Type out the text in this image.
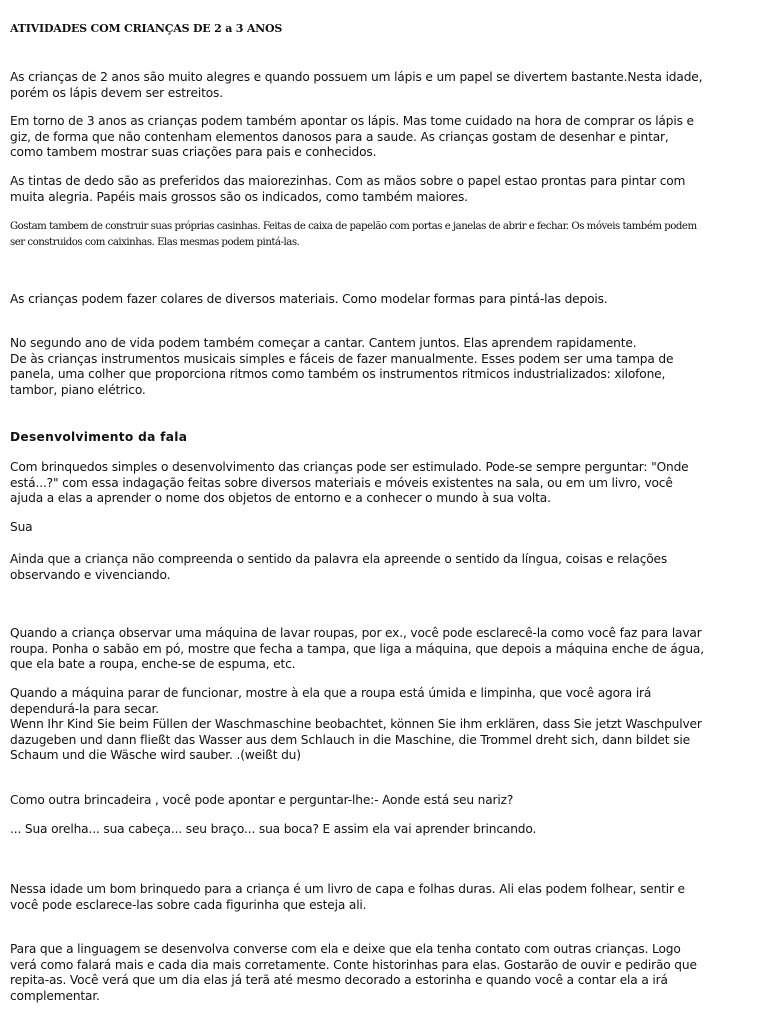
ATIVIDADES COM CRIANÇAS DE 2 a 3 ANOS

As crianças de 2 anos são muito alegres e quando possuem um lápis e um papel se divertem bastante.Nesta idade,
porém os lápis devem ser estreitos.

Em torno de 3 anos as crianças podem também apontar os lápis. Mas tome cuidado na hora de comprar os lápis e
giz, de forma que não contenham elementos danosos para a saude. As crianças gostam de desenhar e pintar,
como tambem mostrar suas criações para pais e conhecidos.

As tintas de dedo são as preferidos das maiorezinhas. Com as mãos sobre o papel estao prontas para pintar com
muita alegria. Papéis mais grossos são os indicados, como também maiores.

Gostam tambem de construir suas próprias casinhas. Feitas de caixa de papelão com portas e janelas de abrir e fechar. Os móveis também podem
ser construidos com caixinhas. Elas mesmas podem pintá-las.

As crianças podem fazer colares de diversos materiais. Como modelar formas para pintá-las depois.

No segundo ano de vida podem também começar a cantar. Cantem juntos. Elas aprendem rapidamente.
De às crianças instrumentos musicais simples e fáceis de fazer manualmente. Esses podem ser uma tampa de
panela, uma colher que proporciona ritmos como também os instrumentos ritmicos industrializados: xilofone,
tambor, piano elétrico.

Desenvolvimento da fala

Com brinquedos simples o desenvolvimento das crianças pode ser estimulado. Pode-se sempre perguntar: "Onde
está...?" com essa indagação feitas sobre diversos materiais e móveis existentes na sala, ou em um livro, você
ajuda a elas a aprender o nome dos objetos de entorno e a conhecer o mundo à sua volta.

Sua

Ainda que a criança não compreenda o sentido da palavra ela apreende o sentido da língua, coisas e relações
observando e vivenciando.

Quando a criança observar uma máquina de lavar roupas, por ex., você pode esclarecê-la como você faz para lavar
roupa. Ponha o sabão em pó, mostre que fecha a tampa, que liga a máquina, que depois a máquina enche de água,
que ela bate a roupa, enche-se de espuma, etc.

Quando a máquina parar de funcionar, mostre à ela que a roupa está úmida e limpinha, que você agora irá
dependurá-la para secar.
Wenn Ihr Kind Sie beim Füllen der Waschmaschine beobachtet, können Sie ihm erklären, dass Sie jetzt Waschpulver
dazugeben und dann fließt das Wasser aus dem Schlauch in die Maschine, die Trommel dreht sich, dann bildet sie
Schaum und die Wäsche wird sauber. .(weißt du)

Como outra brincadeira , você pode apontar e perguntar-lhe:- Aonde está seu nariz?

... Sua orelha... sua cabeça... seu braço... sua boca? E assim ela vai aprender brincando.

Nessa idade um bom brinquedo para a criança é um livro de capa e folhas duras. Ali elas podem folhear, sentir e
você pode esclarece-las sobre cada figurinha que esteja ali.

Para que a linguagem se desenvolva converse com ela e deixe que ela tenha contato com outras crianças. Logo
verá como falará mais e cada dia mais corretamente. Conte historinhas para elas. Gostarão de ouvir e pedirão que
repita-as. Você verá que um dia elas já terã até mesmo decorado a estorinha e quando você a contar ela a irá
complementar.
